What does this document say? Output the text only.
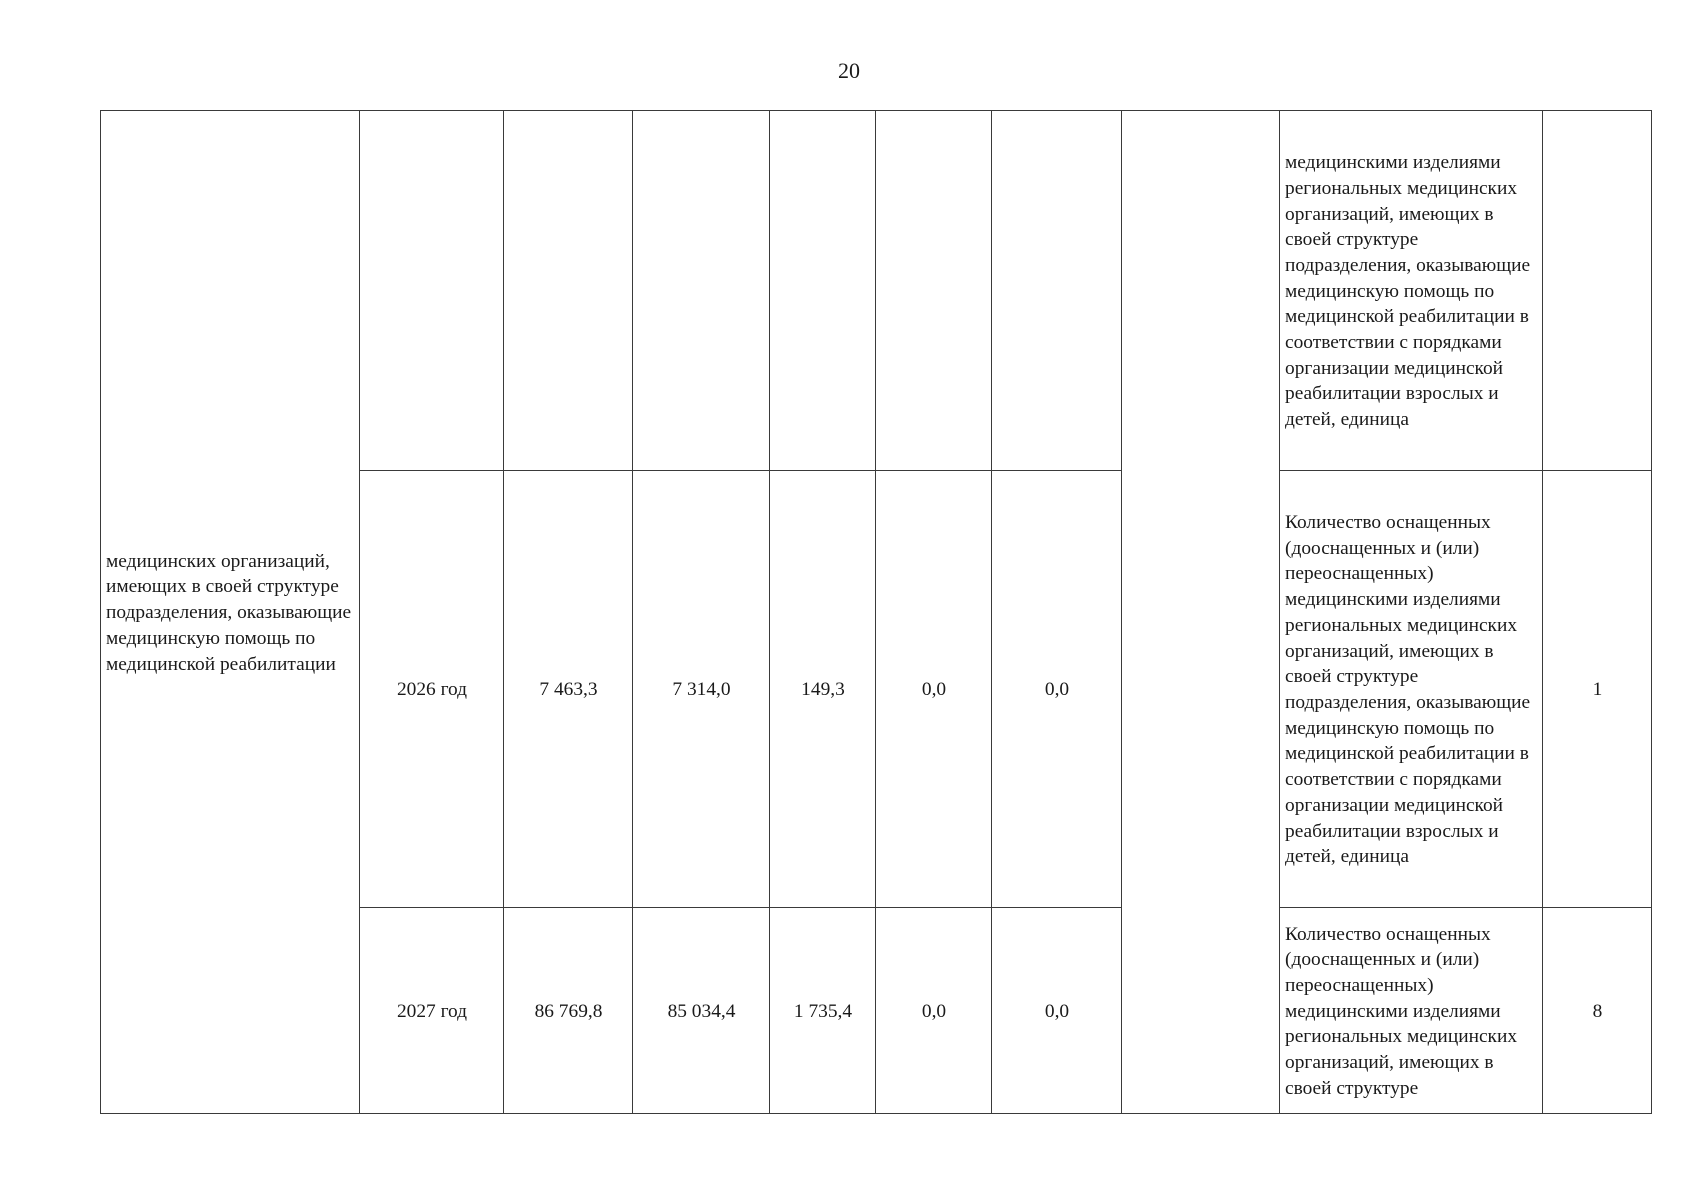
20
медицинских организаций, имеющих в своей структуре подразделения, оказывающие медицинскую помощь по медицинской реабилитации								медицинскими изделиями региональных медицинских организаций, имеющих в своей структуре подразделения, оказывающие медицинскую помощь по медицинской реабилитации в соответствии с порядками организации медицинской реабилитации взрослых и детей, единица	
	2026 год	7 463,3	7 314,0	149,3	0,0	0,0		Количество оснащенных (дооснащенных и (или) переоснащенных) медицинскими изделиями региональных медицинских организаций, имеющих в своей структуре подразделения, оказывающие медицинскую помощь по медицинской реабилитации в соответствии с порядками организации медицинской реабилитации взрослых и детей, единица	1
	2027 год	86 769,8	85 034,4	1 735,4	0,0	0,0		Количество оснащенных (дооснащенных и (или) переоснащенных) медицинскими изделиями региональных медицинских организаций, имеющих в своей структуре	8
